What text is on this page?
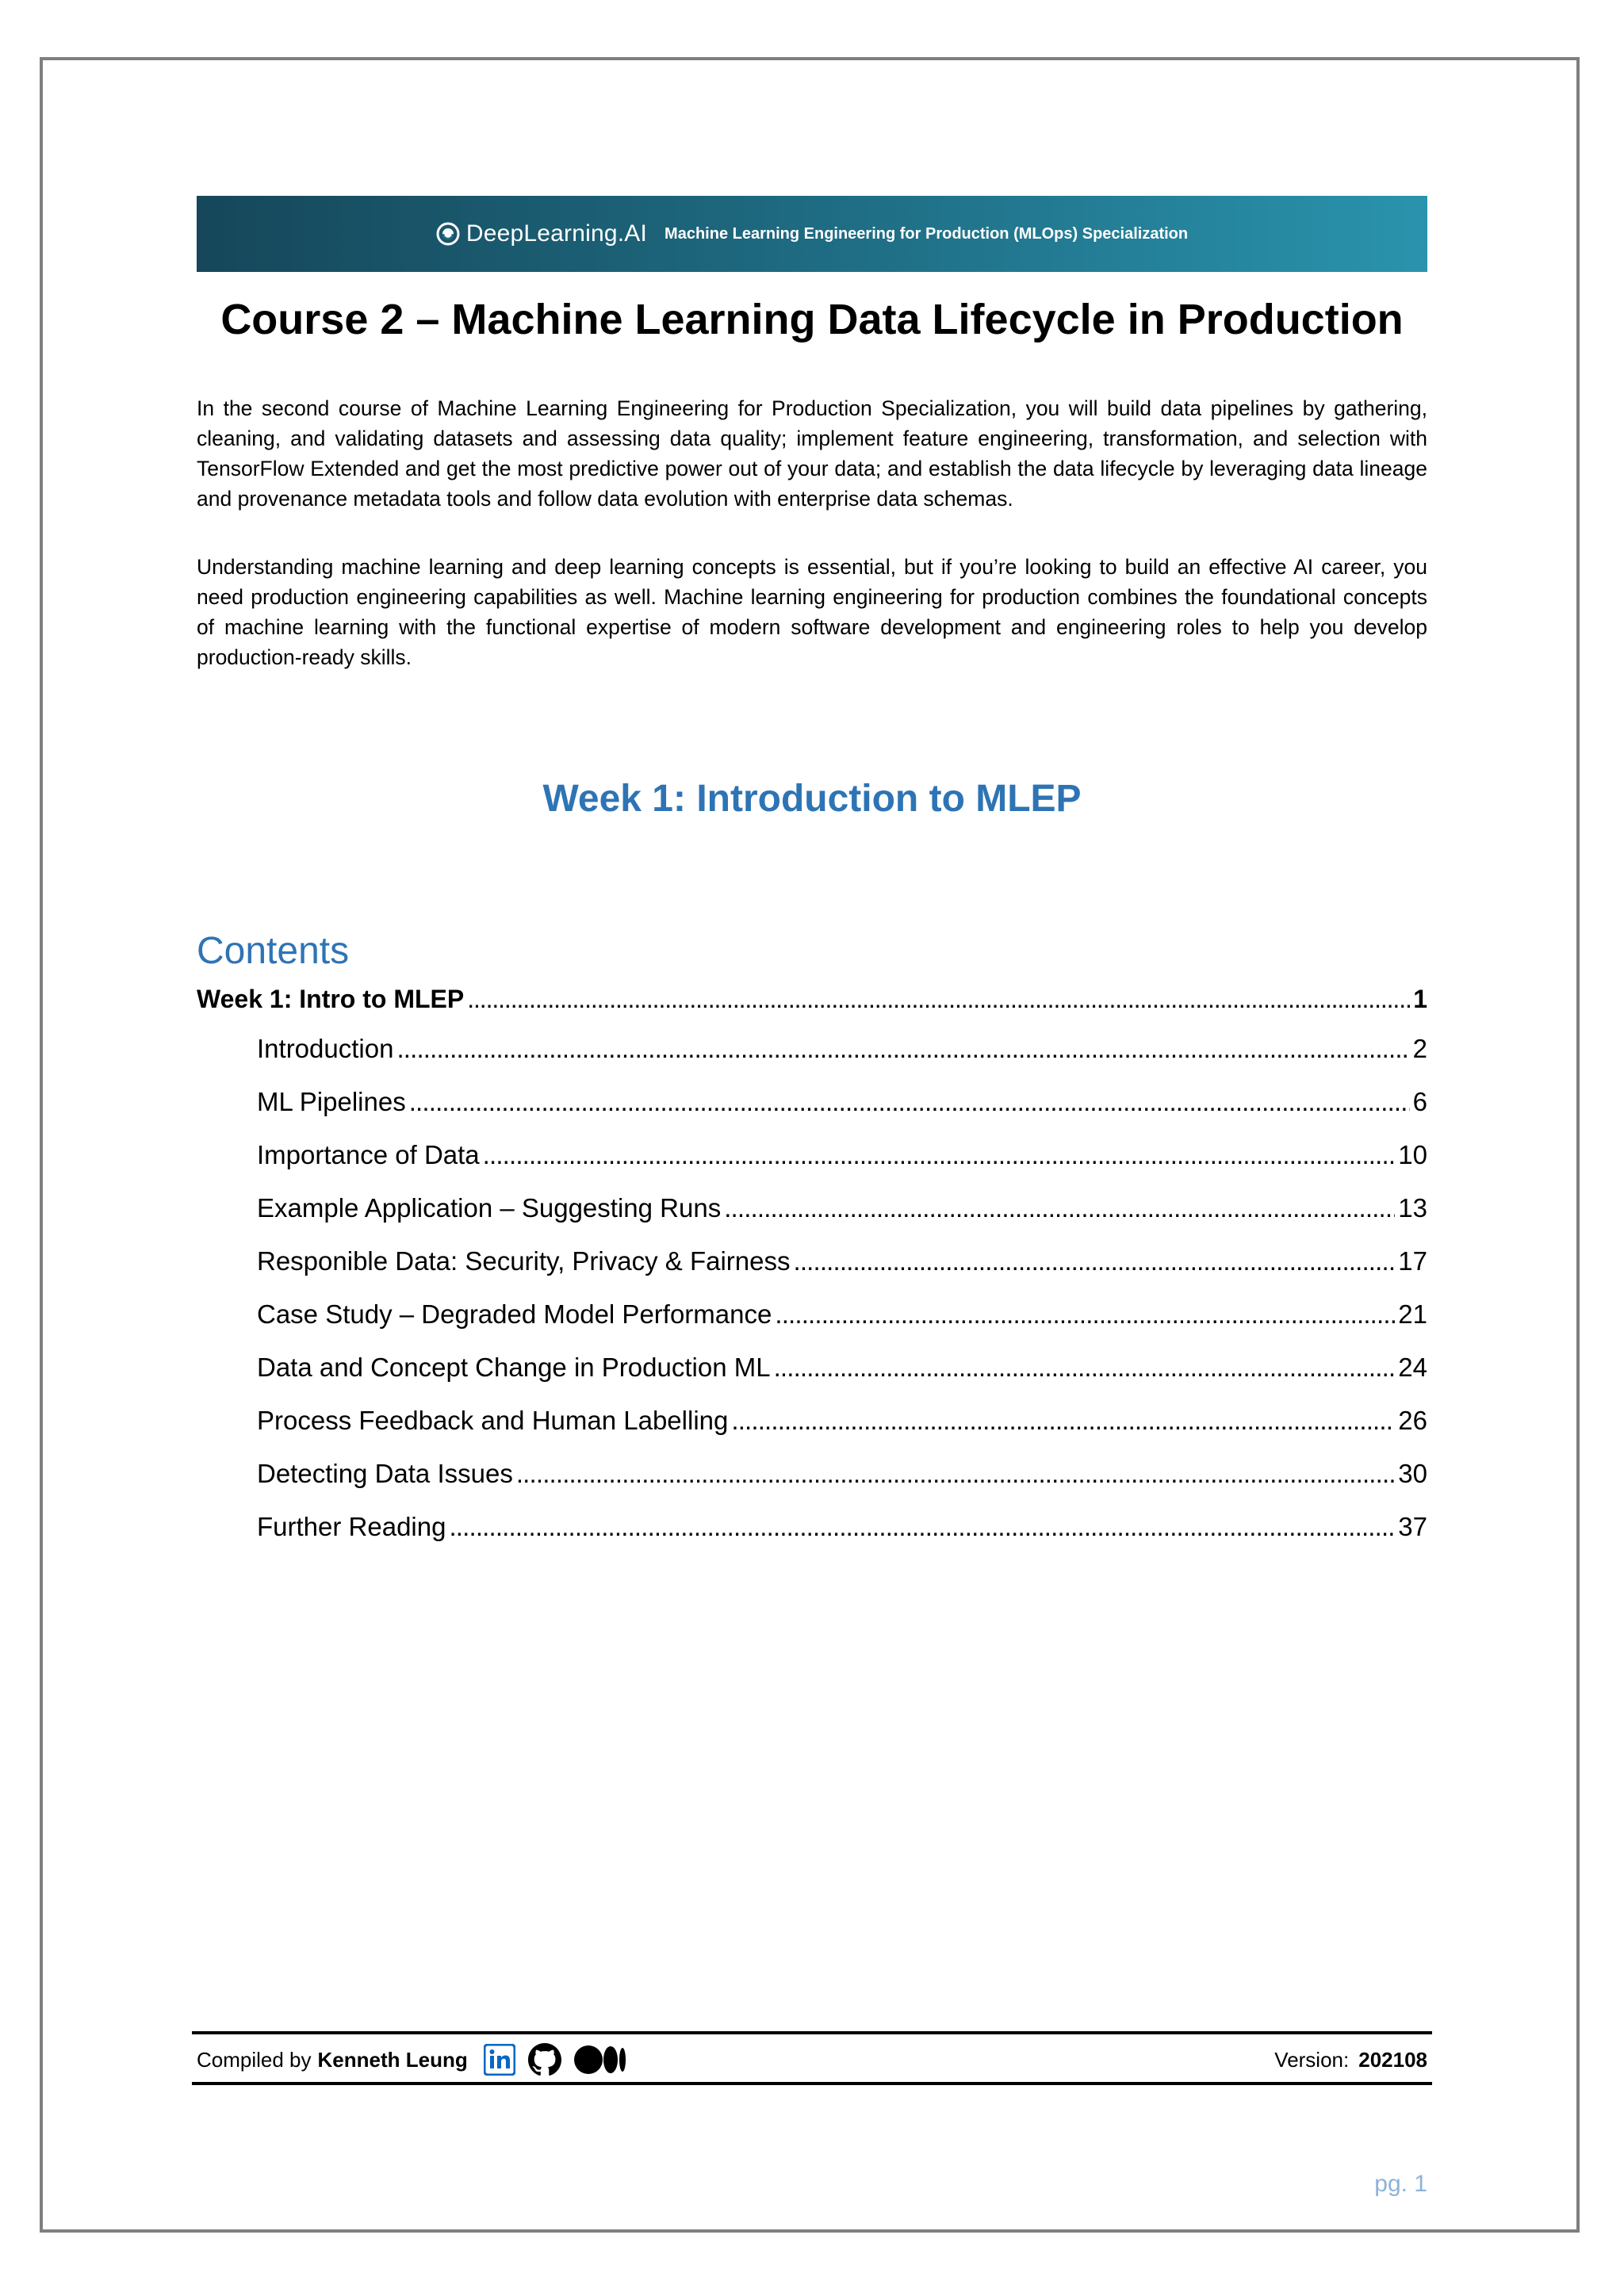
DeepLearning.AI Machine Learning Engineering for Production (MLOps) Specialization
Course 2 – Machine Learning Data Lifecycle in Production

In the second course of Machine Learning Engineering for Production Specialization, you will build data pipelines by gathering, cleaning, and validating datasets and assessing data quality; implement feature engineering, transformation, and selection with TensorFlow Extended and get the most predictive power out of your data; and establish the data lifecycle by leveraging data lineage and provenance metadata tools and follow data evolution with enterprise data schemas.

Understanding machine learning and deep learning concepts is essential, but if you’re looking to build an effective AI career, you need production engineering capabilities as well. Machine learning engineering for production combines the foundational concepts of machine learning with the functional expertise of modern software development and engineering roles to help you develop production-ready skills.

Week 1: Introduction to MLEP
Contents
Week 1: Intro to MLEP . . .	1
Introduction . . .	2
ML Pipelines . . .	6
Importance of Data . . .	10
Example Application – Suggesting Runs . . .	13
Responible Data: Security, Privacy & Fairness . . .	17
Case Study – Degraded Model Performance . . .	21
Data and Concept Change in Production ML . . .	24
Process Feedback and Human Labelling . . .	26
Detecting Data Issues . . .	30
Further Reading . . .	37
Compiled by Kenneth Leung	Version: 202108
pg. 1
